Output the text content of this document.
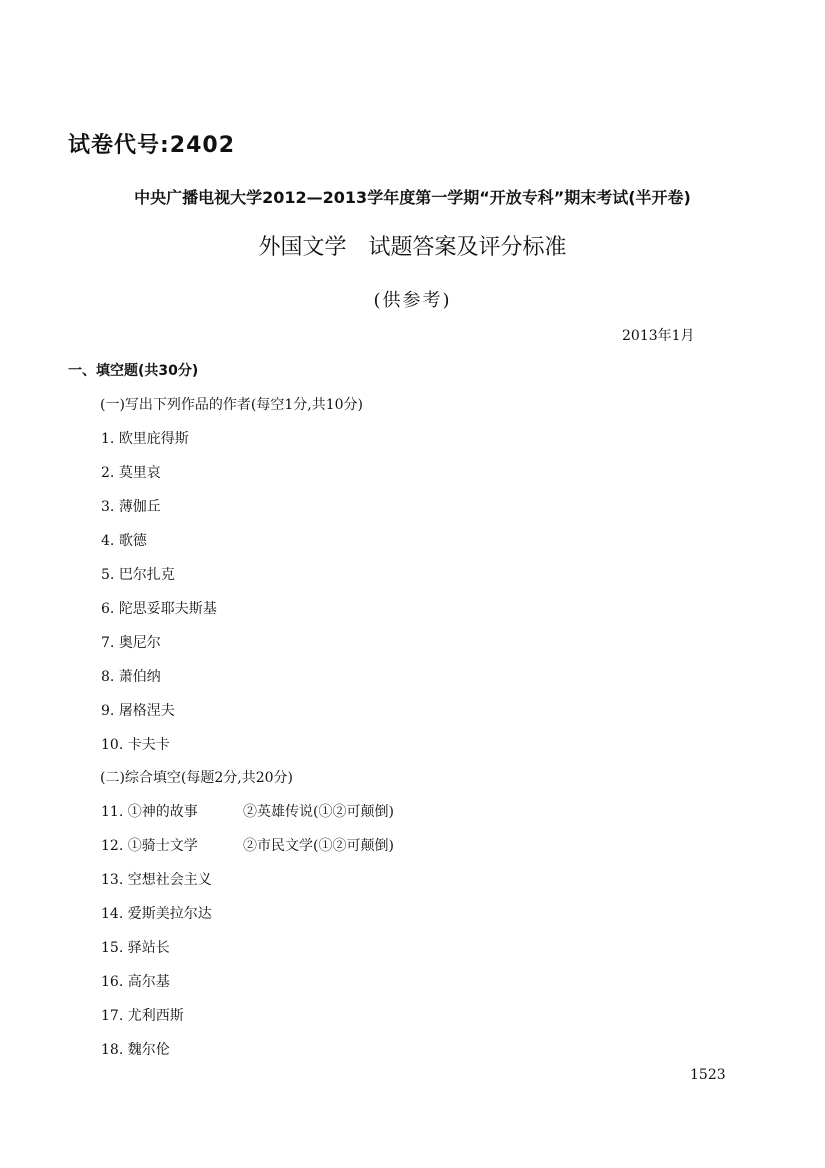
试卷代号:2402
中央广播电视大学2012—2013学年度第一学期“开放专科”期末考试(半开卷)
外国文学 试题答案及评分标准
(供参考)
2013年1月
一、填空题(共30分)
(一)写出下列作品的作者(每空1分,共10分)
1. 欧里庇得斯
2. 莫里哀
3. 薄伽丘
4. 歌德
5. 巴尔扎克
6. 陀思妥耶夫斯基
7. 奥尼尔
8. 萧伯纳
9. 屠格涅夫
10. 卡夫卡
(二)综合填空(每题2分,共20分)
11. ①神的故事	②英雄传说(①②可颠倒)
12. ①骑士文学	②市民文学(①②可颠倒)
13. 空想社会主义
14. 爱斯美拉尔达
15. 驿站长
16. 高尔基
17. 尤利西斯
18. 魏尔伦
1523
